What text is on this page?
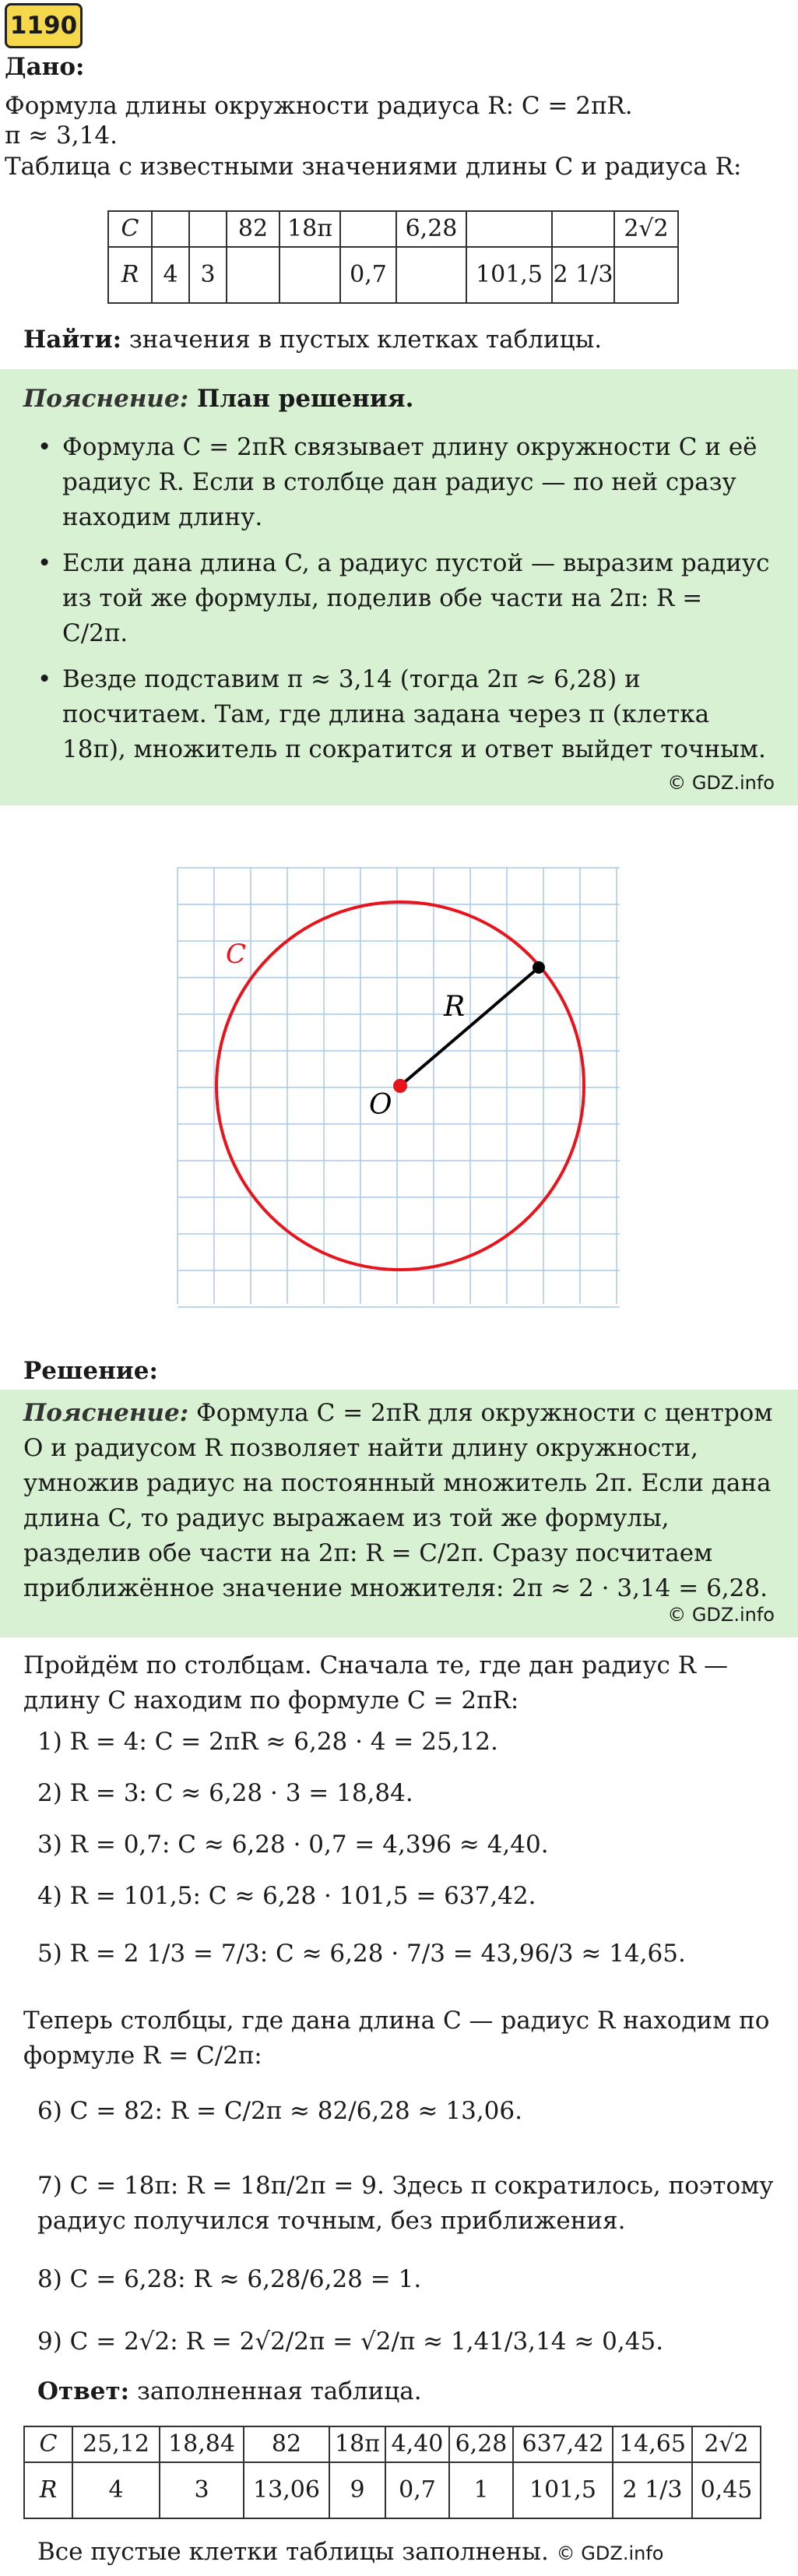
1190
Дано:
Формула длины окружности радиуса R: C = 2πR.
π ≈ 3,14.
Таблица с известными значениями длины C и радиуса R:
C			82	18π		6,28			2√2
R	4	3			0,7		101,5	2 1/3	
Найти: значения в пустых клетках таблицы.
Пояснение: План решения.
• Формула C = 2πR связывает длину окружности C и её радиус R. Если в столбце дан радиус — по ней сразу находим длину.
• Если дана длина C, а радиус пустой — выразим радиус из той же формулы, поделив обе части на 2π: R = C/2π.
• Везде подставим π ≈ 3,14 (тогда 2π ≈ 6,28) и посчитаем. Там, где длина задана через π (клетка 18π), множитель π сократится и ответ выйдет точным.
© GDZ.info
C
R
O
Решение:
Пояснение: Формула C = 2πR для окружности с центром O и радиусом R позволяет найти длину окружности, умножив радиус на постоянный множитель 2π. Если дана длина C, то радиус выражаем из той же формулы, разделив обе части на 2π: R = C/2π. Сразу посчитаем приближённое значение множителя: 2π ≈ 2 · 3,14 = 6,28.
© GDZ.info
Пройдём по столбцам. Сначала те, где дан радиус R — длину C находим по формуле C = 2πR:
1) R = 4: C = 2πR ≈ 6,28 · 4 = 25,12.
2) R = 3: C ≈ 6,28 · 3 = 18,84.
3) R = 0,7: C ≈ 6,28 · 0,7 = 4,396 ≈ 4,40.
4) R = 101,5: C ≈ 6,28 · 101,5 = 637,42.
5) R = 2 1/3 = 7/3: C ≈ 6,28 · 7/3 = 43,96/3 ≈ 14,65.
Теперь столбцы, где дана длина C — радиус R находим по формуле R = C/2π:
6) C = 82: R = C/2π ≈ 82/6,28 ≈ 13,06.
7) C = 18π: R = 18π/2π = 9. Здесь π сократилось, поэтому радиус получился точным, без приближения.
8) C = 6,28: R ≈ 6,28/6,28 = 1.
9) C = 2√2: R = 2√2/2π = √2/π ≈ 1,41/3,14 ≈ 0,45.
Ответ: заполненная таблица.
C	25,12	18,84	82	18π	4,40	6,28	637,42	14,65	2√2
R	4	3	13,06	9	0,7	1	101,5	2 1/3	0,45
Все пустые клетки таблицы заполнены. © GDZ.info
